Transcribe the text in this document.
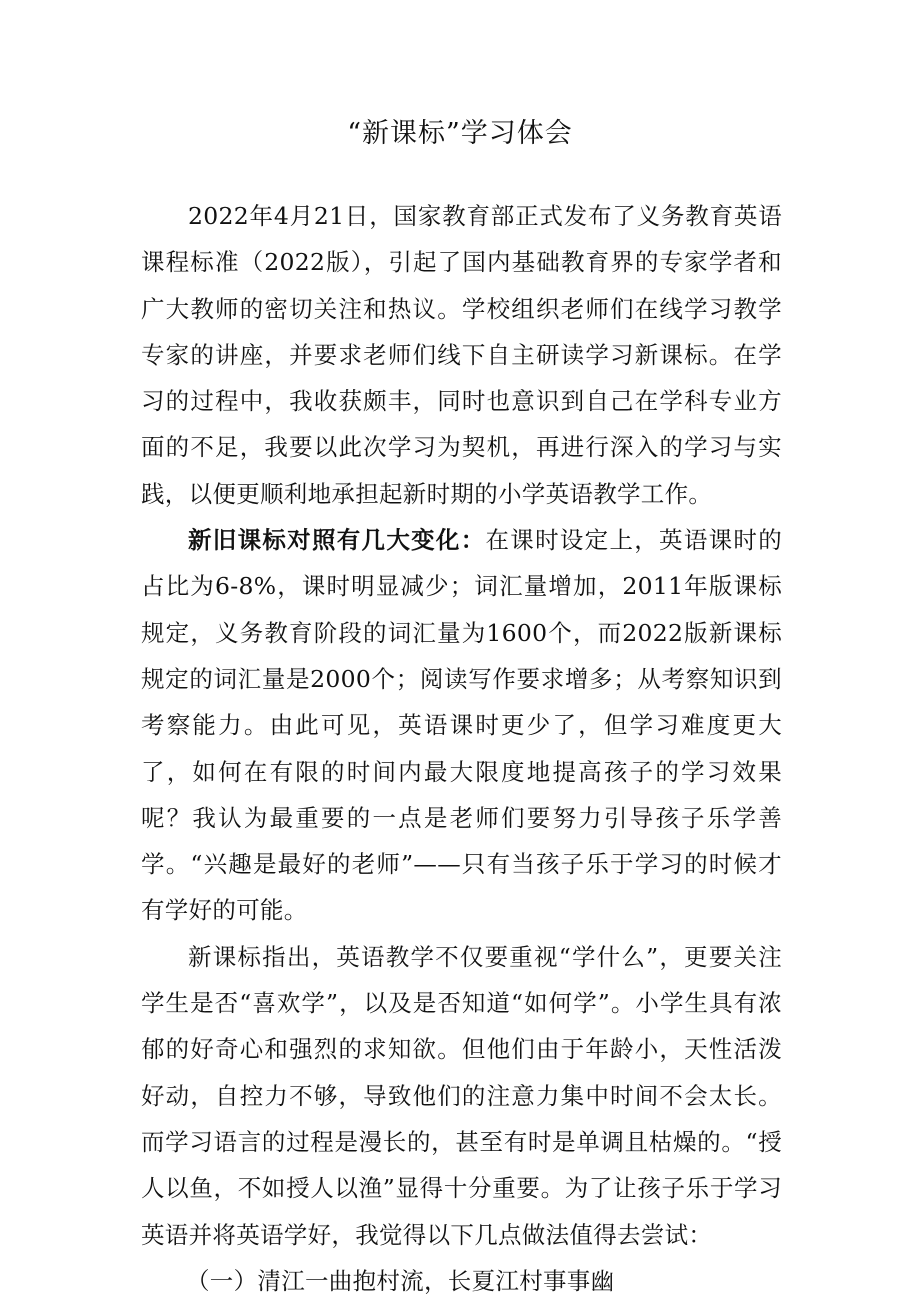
“新课标”学习体会

2022年4月21日，国家教育部正式发布了义务教育英语课程标准（2022版），引起了国内基础教育界的专家学者和广大教师的密切关注和热议。学校组织老师们在线学习教学专家的讲座，并要求老师们线下自主研读学习新课标。在学习的过程中，我收获颇丰，同时也意识到自己在学科专业方面的不足，我要以此次学习为契机，再进行深入的学习与实践，以便更顺利地承担起新时期的小学英语教学工作。

新旧课标对照有几大变化：在课时设定上，英语课时的占比为6-8%，课时明显减少；词汇量增加，2011年版课标规定，义务教育阶段的词汇量为1600个，而2022版新课标规定的词汇量是2000个；阅读写作要求增多；从考察知识到考察能力。由此可见，英语课时更少了，但学习难度更大了，如何在有限的时间内最大限度地提高孩子的学习效果呢？我认为最重要的一点是老师们要努力引导孩子乐学善学。“兴趣是最好的老师”——只有当孩子乐于学习的时候才有学好的可能。

新课标指出，英语教学不仅要重视“学什么”，更要关注学生是否“喜欢学”，以及是否知道“如何学”。小学生具有浓郁的好奇心和强烈的求知欲。但他们由于年龄小，天性活泼好动，自控力不够，导致他们的注意力集中时间不会太长。而学习语言的过程是漫长的，甚至有时是单调且枯燥的。“授人以鱼，不如授人以渔”显得十分重要。为了让孩子乐于学习英语并将英语学好，我觉得以下几点做法值得去尝试：

（一）清江一曲抱村流，长夏江村事事幽
